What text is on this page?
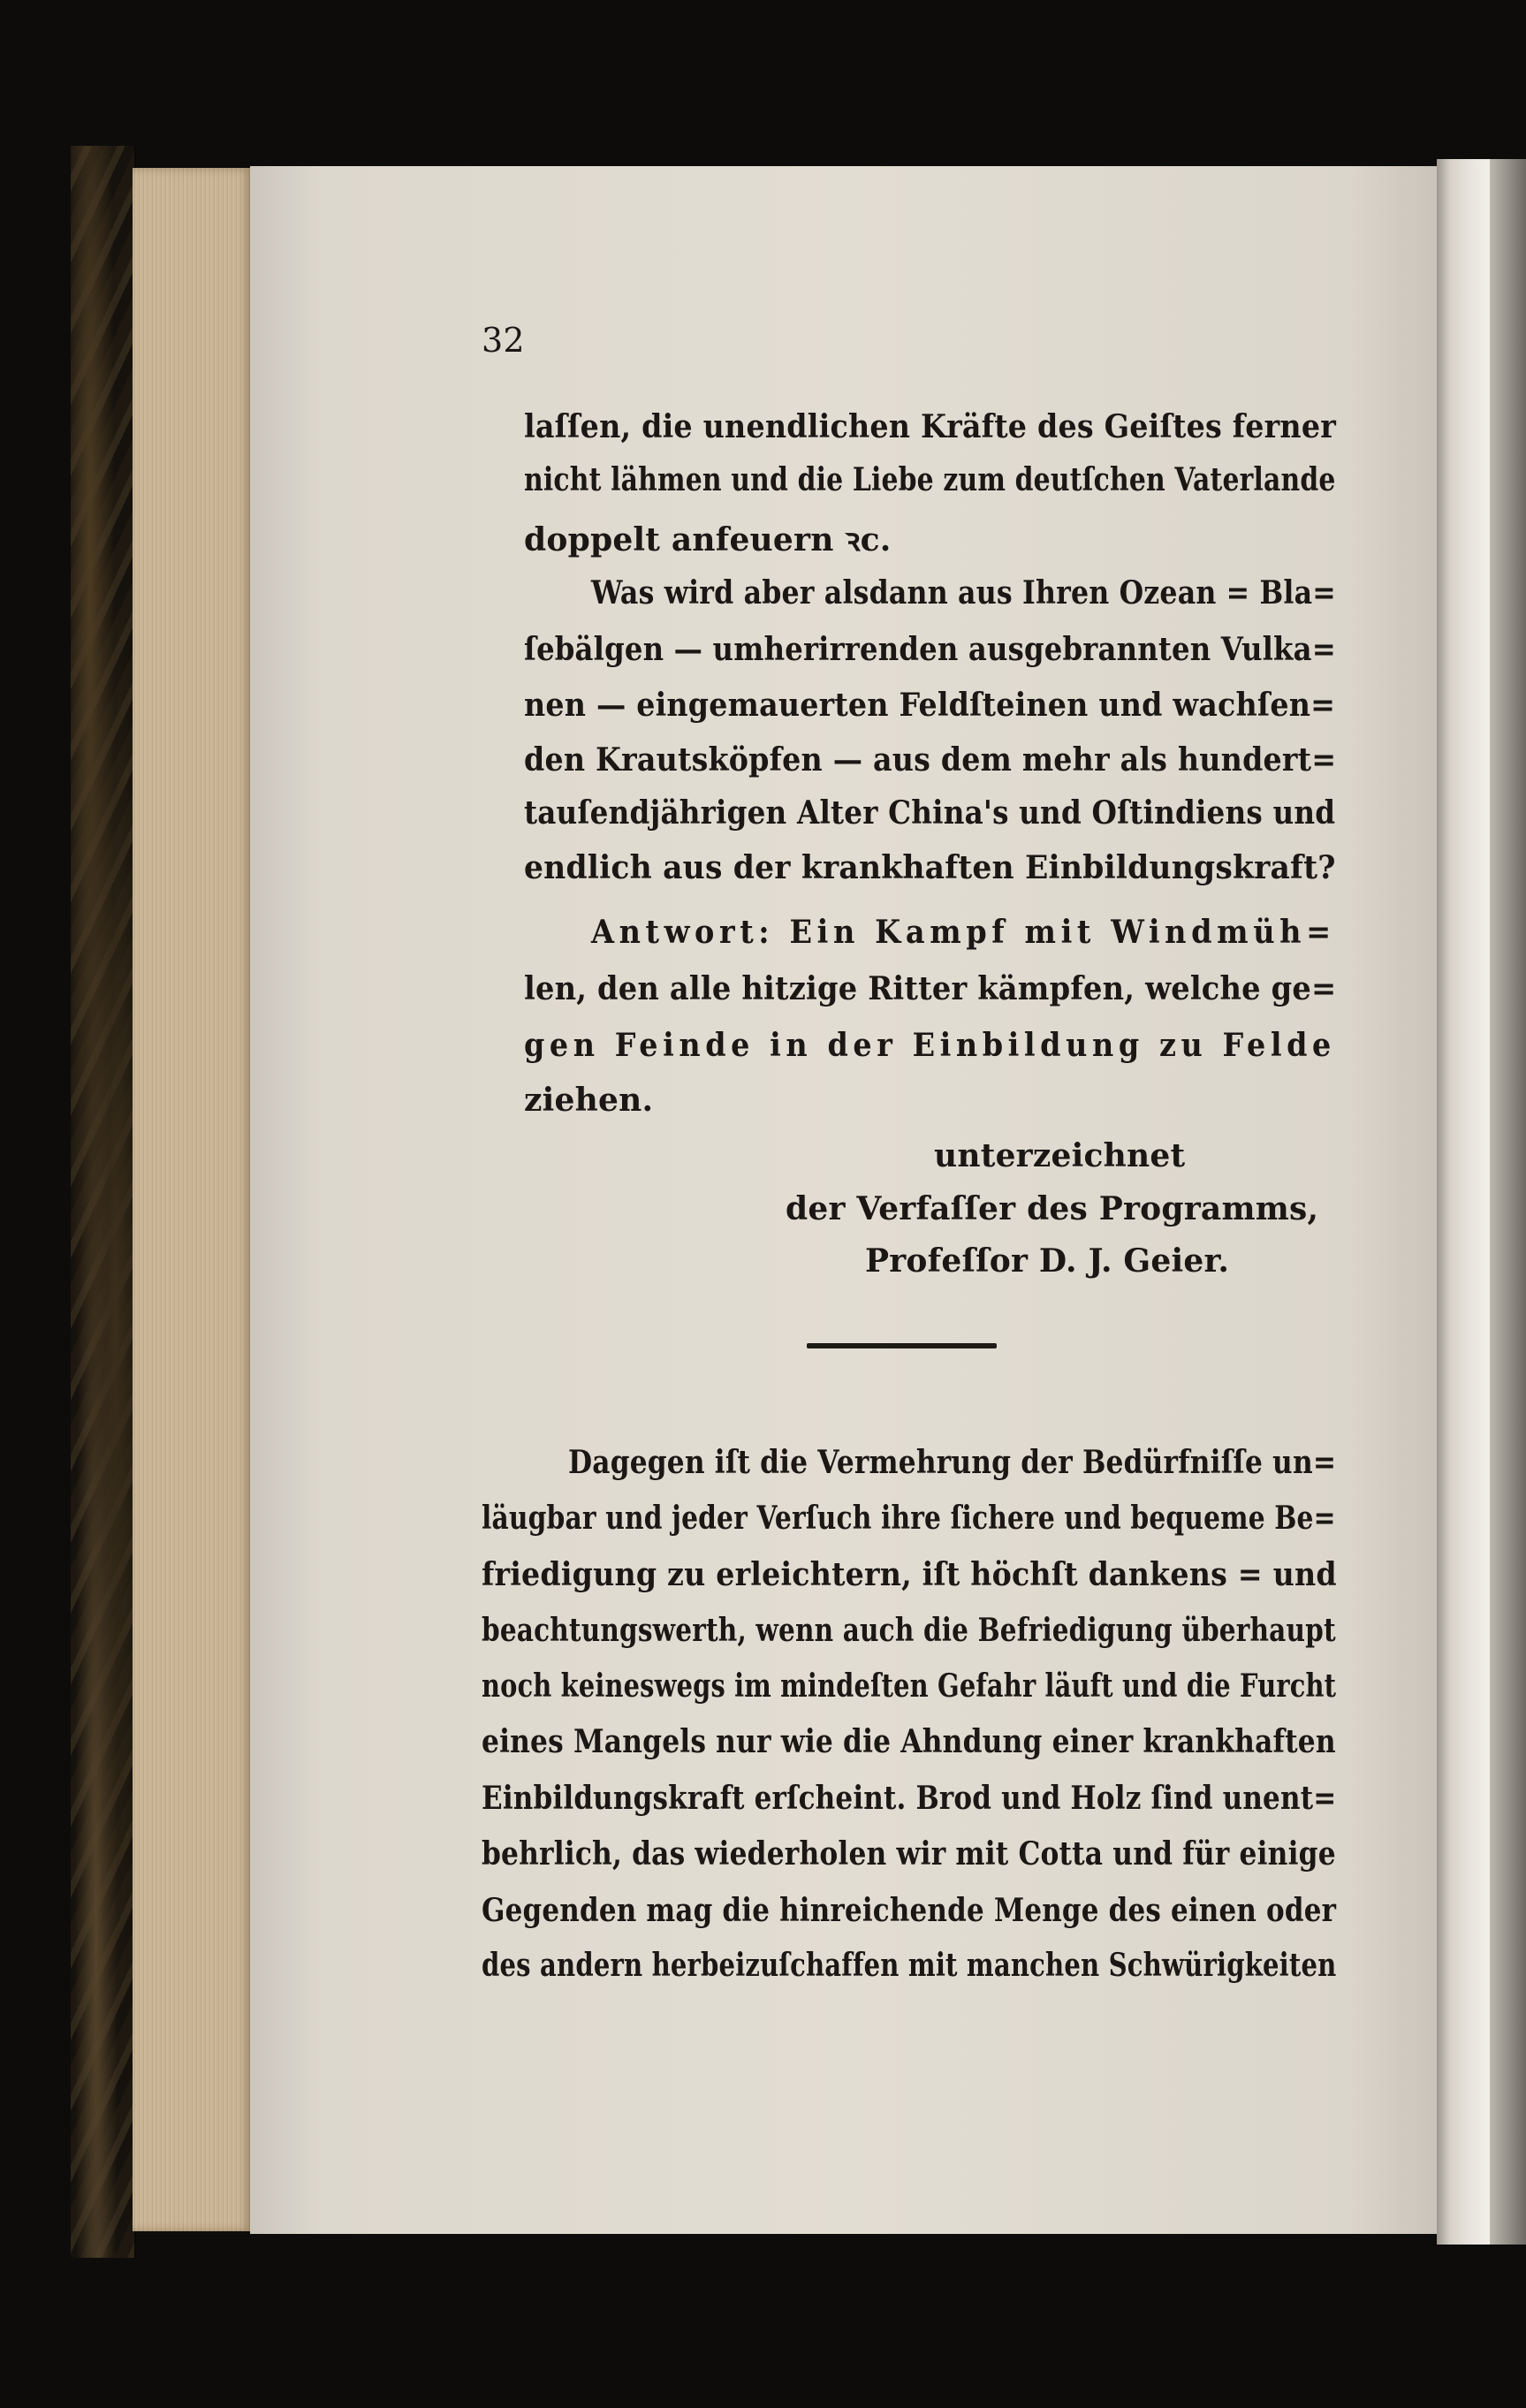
32
laſſen, die unendlichen Kräfte des Geiſtes ferner
nicht lähmen und die Liebe zum deutſchen Vaterlande
doppelt anfeuern ꝛc.
Was wird aber alsdann aus Ihren Ozean = Bla=
ſebälgen — umherirrenden ausgebrannten Vulka=
nen — eingemauerten Feldſteinen und wachſen=
den Krautsköpfen — aus dem mehr als hundert=
tauſendjährigen Alter China's und Oſtindiens und
endlich aus der krankhaften Einbildungskraft?
Antwort: Ein Kampf mit Windmüh=
len, den alle hitzige Ritter kämpfen, welche ge=
gen Feinde in der Einbildung zu Felde
ziehen.
unterzeichnet
der Verfaſſer des Programms,
Profeſſor D. J. Geier.
Dagegen iſt die Vermehrung der Bedürfniſſe un=
läugbar und jeder Verſuch ihre ſichere und bequeme Be=
friedigung zu erleichtern, iſt höchſt dankens = und
beachtungswerth, wenn auch die Befriedigung überhaupt
noch keineswegs im mindeſten Gefahr läuft und die Furcht
eines Mangels nur wie die Ahndung einer krankhaften
Einbildungskraft erſcheint. Brod und Holz ſind unent=
behrlich, das wiederholen wir mit Cotta und für einige
Gegenden mag die hinreichende Menge des einen oder
des andern herbeizuſchaffen mit manchen Schwürigkeiten
